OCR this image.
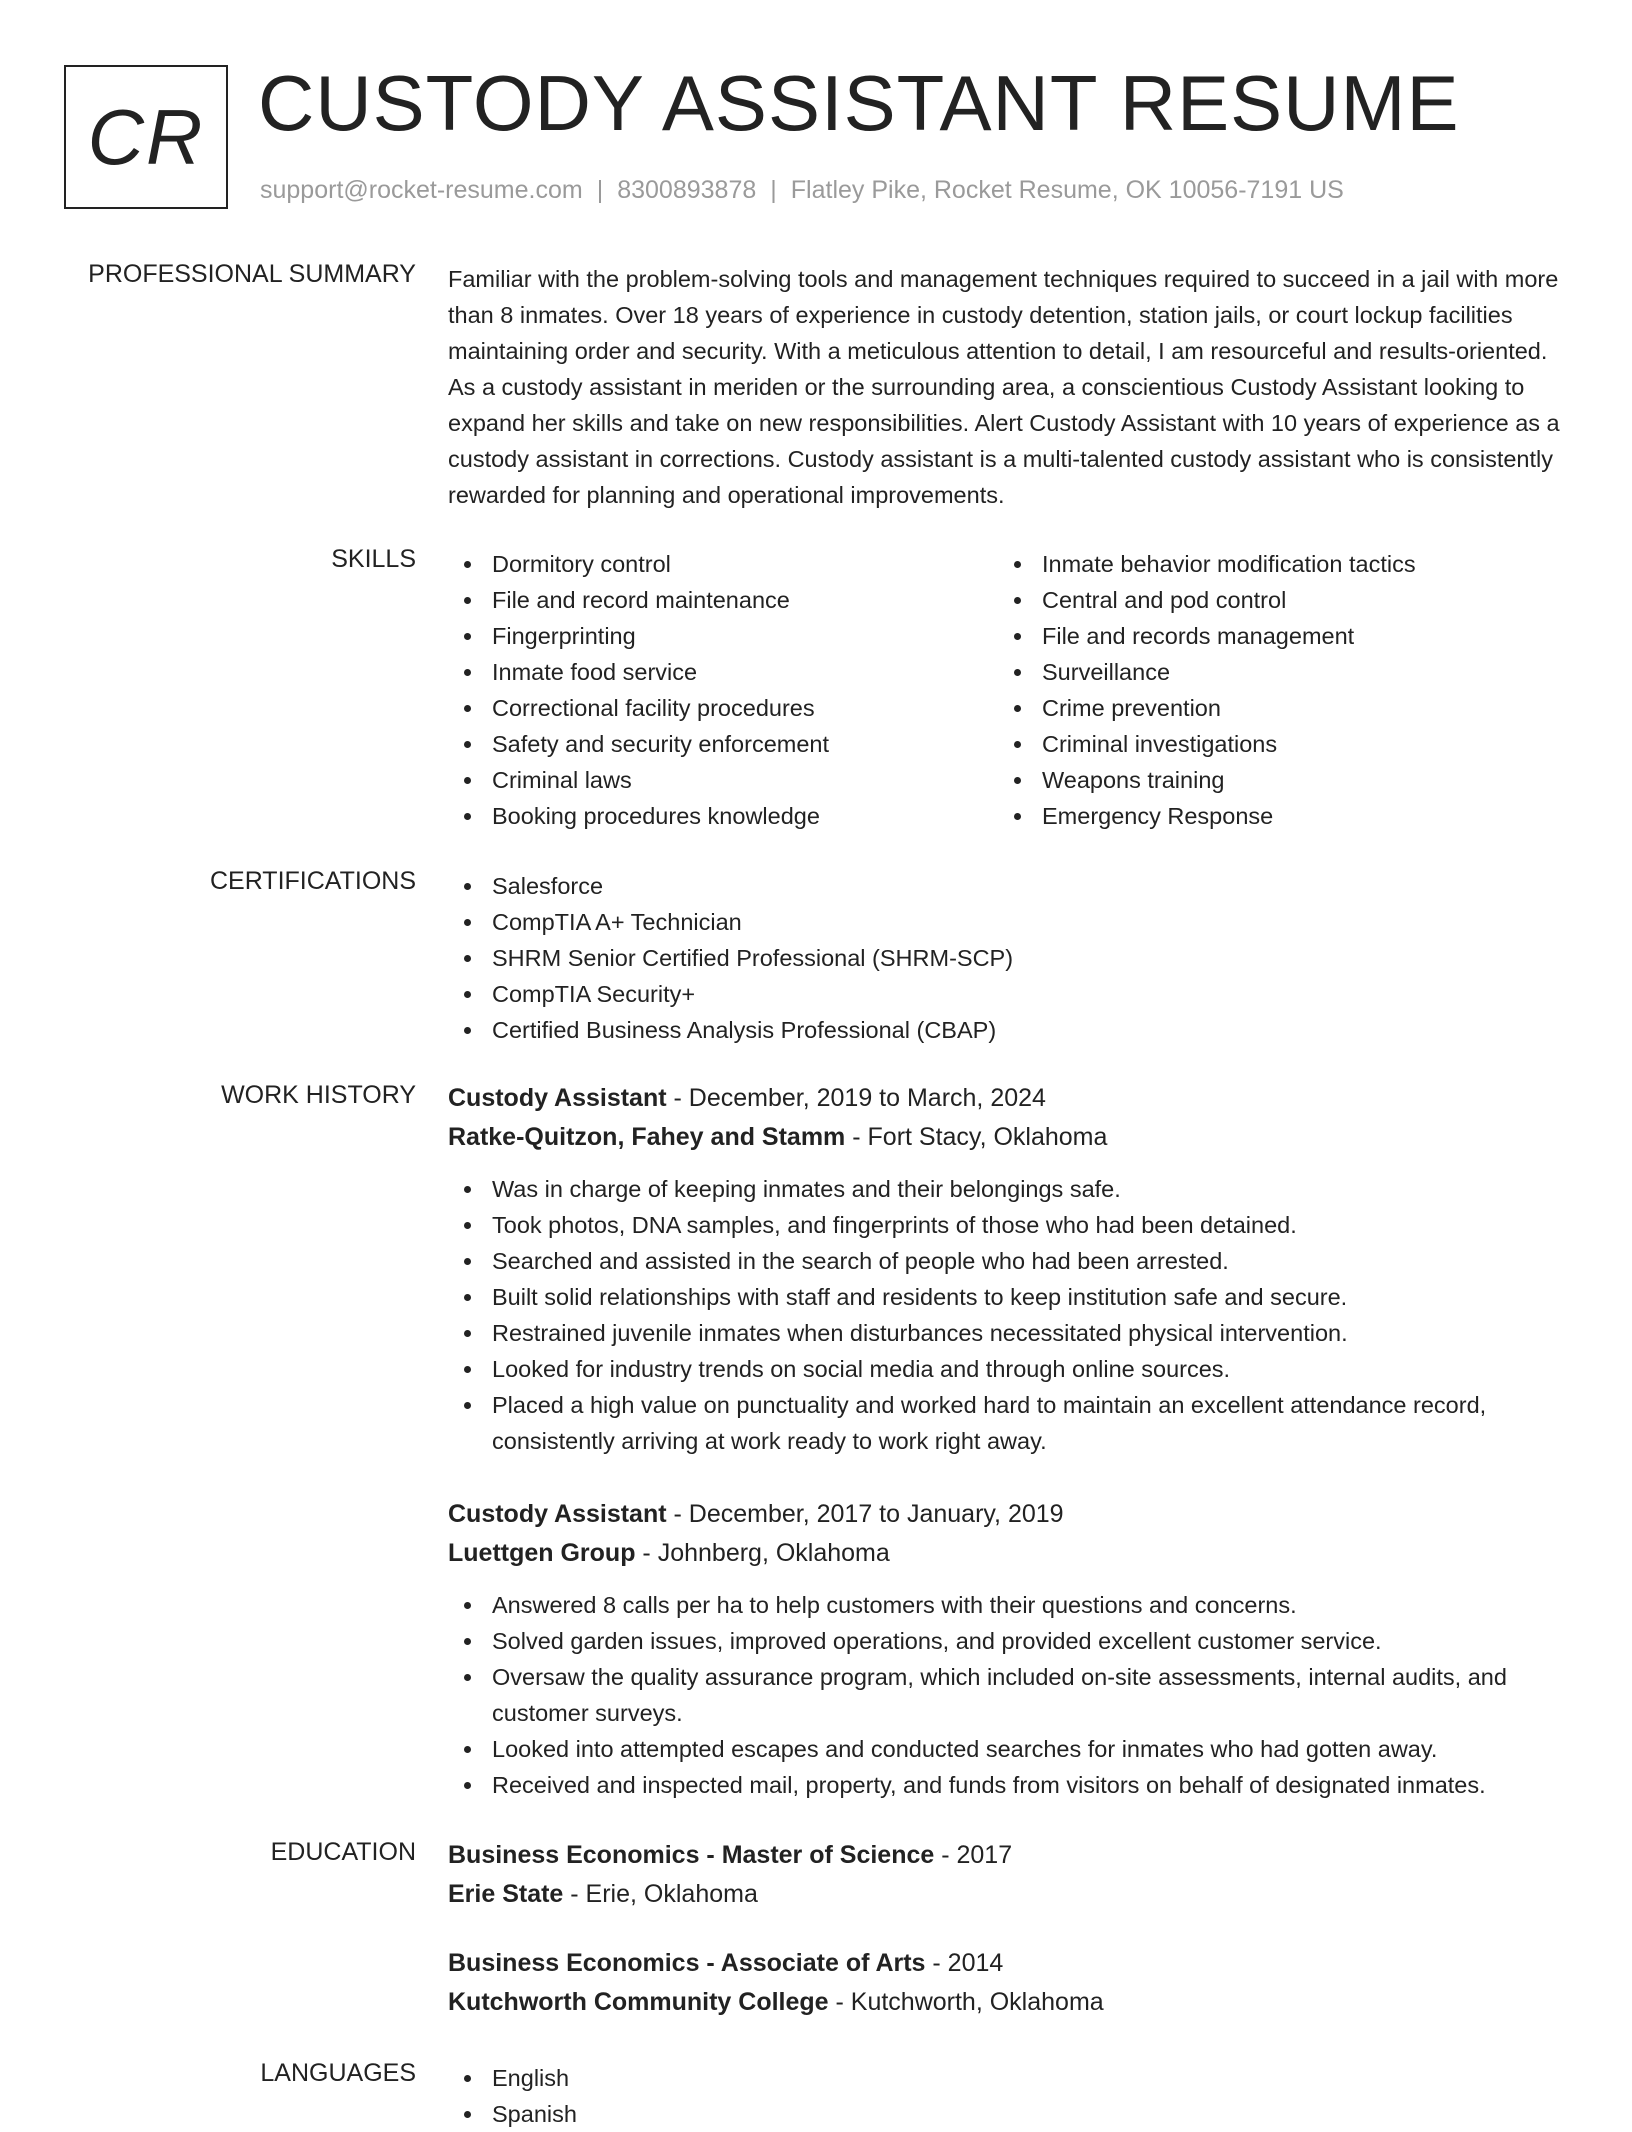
CR CUSTODY ASSISTANT RESUME
support@rocket-resume.com | 8300893878 | Flatley Pike, Rocket Resume, OK 10056-7191 US
PROFESSIONAL SUMMARY Familiar with the problem-solving tools and management techniques required to succeed in a jail with more than 8 inmates. Over 18 years of experience in custody detention, station jails, or court lockup facilities maintaining order and security. With a meticulous attention to detail, I am resourceful and results-oriented. As a custody assistant in meriden or the surrounding area, a conscientious Custody Assistant looking to expand her skills and take on new responsibilities. Alert Custody Assistant with 10 years of experience as a custody assistant in corrections. Custody assistant is a multi-talented custody assistant who is consistently rewarded for planning and operational improvements.
SKILLS	Dormitory control
File and record maintenance
Fingerprinting
Inmate food service
Correctional facility procedures
Safety and security enforcement
Criminal laws
Booking procedures knowledge
Inmate behavior modification tactics
Central and pod control
File and records management
Surveillance
Crime prevention
Criminal investigations
Weapons training
Emergency Response
CERTIFICATIONS	Salesforce
CompTIA A+ Technician
SHRM Senior Certified Professional (SHRM-SCP)
CompTIA Security+
Certified Business Analysis Professional (CBAP)
WORK HISTORY Custody Assistant - December, 2019 to March, 2024
Ratke-Quitzon, Fahey and Stamm - Fort Stacy, Oklahoma
Was in charge of keeping inmates and their belongings safe.
Took photos, DNA samples, and fingerprints of those who had been detained.
Searched and assisted in the search of people who had been arrested.
Built solid relationships with staff and residents to keep institution safe and secure.
Restrained juvenile inmates when disturbances necessitated physical intervention.
Looked for industry trends on social media and through online sources.
Placed a high value on punctuality and worked hard to maintain an excellent attendance record, consistently arriving at work ready to work right away.
Custody Assistant - December, 2017 to January, 2019
Luettgen Group - Johnberg, Oklahoma
Answered 8 calls per ha to help customers with their questions and concerns.
Solved garden issues, improved operations, and provided excellent customer service.
Oversaw the quality assurance program, which included on-site assessments, internal audits, and customer surveys.
Looked into attempted escapes and conducted searches for inmates who had gotten away.
Received and inspected mail, property, and funds from visitors on behalf of designated inmates.
EDUCATION Business Economics - Master of Science - 2017
Erie State - Erie, Oklahoma
Business Economics - Associate of Arts - 2014
Kutchworth Community College - Kutchworth, Oklahoma
LANGUAGES	English
Spanish
